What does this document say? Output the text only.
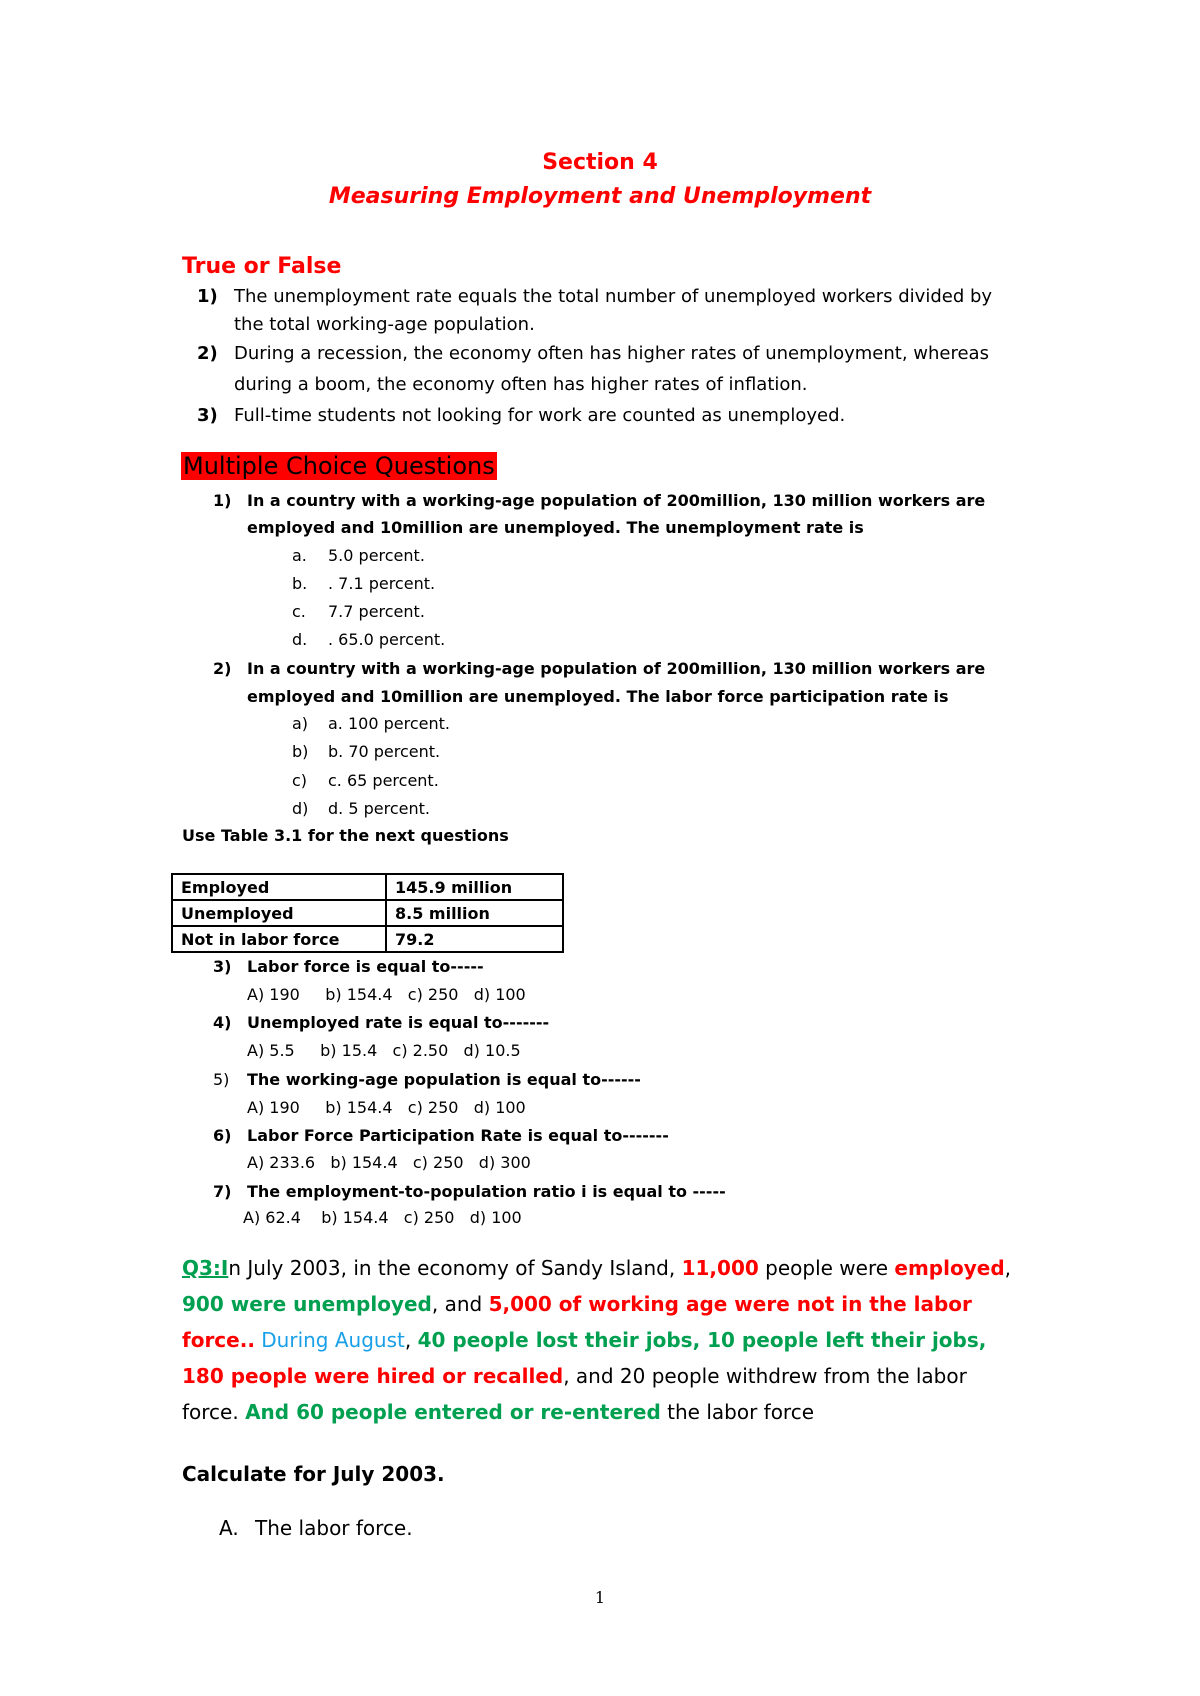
Section 4
Measuring Employment and Unemployment
True or False
1) The unemployment rate equals the total number of unemployed workers divided by
the total working-age population.
2) During a recession, the economy often has higher rates of unemployment, whereas
during a boom, the economy often has higher rates of inflation.
3) Full-time students not looking for work are counted as unemployed.
Multiple Choice Questions
1) In a country with a working-age population of 200million, 130 million workers are
employed and 10million are unemployed. The unemployment rate is
a. 5.0 percent.
b. . 7.1 percent.
c. 7.7 percent.
d. . 65.0 percent.
2) In a country with a working-age population of 200million, 130 million workers are
employed and 10million are unemployed. The labor force participation rate is
a) a. 100 percent.
b) b. 70 percent.
c) c. 65 percent.
d) d. 5 percent.
Use Table 3.1 for the next questions
Employed	145.9 million
Unemployed	8.5 million
Not in labor force	79.2
3) Labor force is equal to-----
A) 190     b) 154.4   c) 250   d) 100
4) Unemployed rate is equal to-------
A) 5.5     b) 15.4   c) 2.50   d) 10.5
5) The working-age population is equal to------
A) 190     b) 154.4   c) 250   d) 100
6) Labor Force Participation Rate is equal to-------
A) 233.6   b) 154.4   c) 250   d) 300
7) The employment-to-population ratio i is equal to -----
A) 62.4    b) 154.4   c) 250   d) 100
Q3:In July 2003, in the economy of Sandy Island, 11,000 people were employed, 900 were unemployed, and 5,000 of working age were not in the labor force.. During August, 40 people lost their jobs, 10 people left their jobs, 180 people were hired or recalled, and 20 people withdrew from the labor force. And 60 people entered or re-entered the labor force
Calculate for July 2003.
A. The labor force.
1
